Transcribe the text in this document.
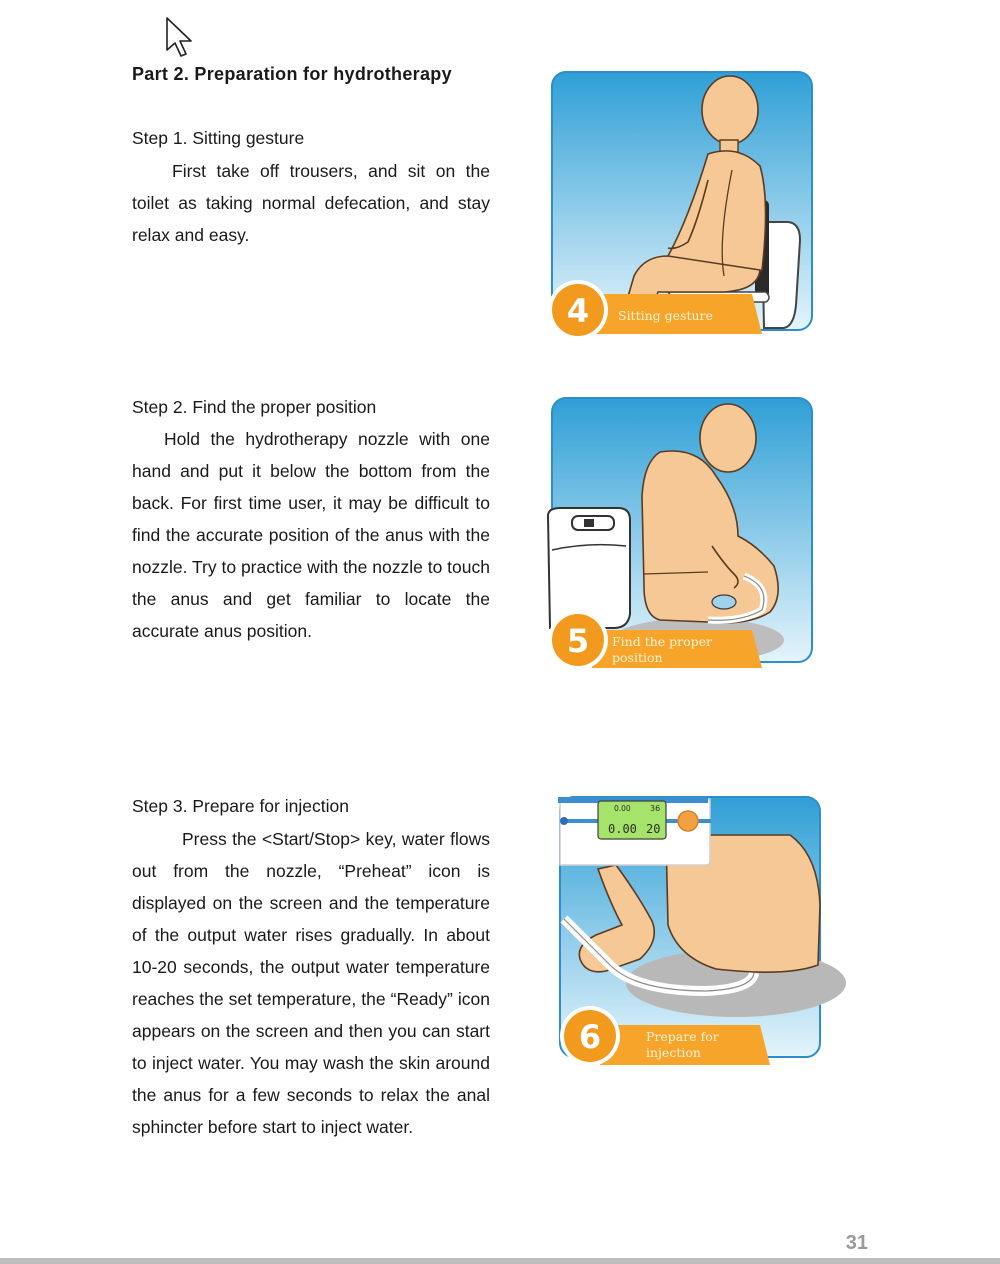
Part 2. Preparation for hydrotherapy
Step 1. Sitting gesture

First take off trousers, and sit on the toilet as taking normal defecation, and stay relax and easy.

Step 2. Find the proper position

Hold the hydrotherapy nozzle with one hand and put it below the bottom from the back. For first time user, it may be difficult to find the accurate position of the anus with the nozzle. Try to practice with the nozzle to touch the anus and get familiar to locate the accurate anus position.

Step 3. Prepare for injection

Press the <Start/Stop> key, water flows out from the nozzle, “Preheat” icon is displayed on the screen and the temperature of the output water rises gradually. In about 10-20 seconds, the output water temperature reaches the set temperature, the “Ready” icon appears on the screen and then you can start to inject water. You may wash the skin around the anus for a few seconds to relax the anal sphincter before start to inject water.

Sitting gesture
4
Find the proper
position
5
0.00 36
0.00 20
Prepare for
injection
6
31
